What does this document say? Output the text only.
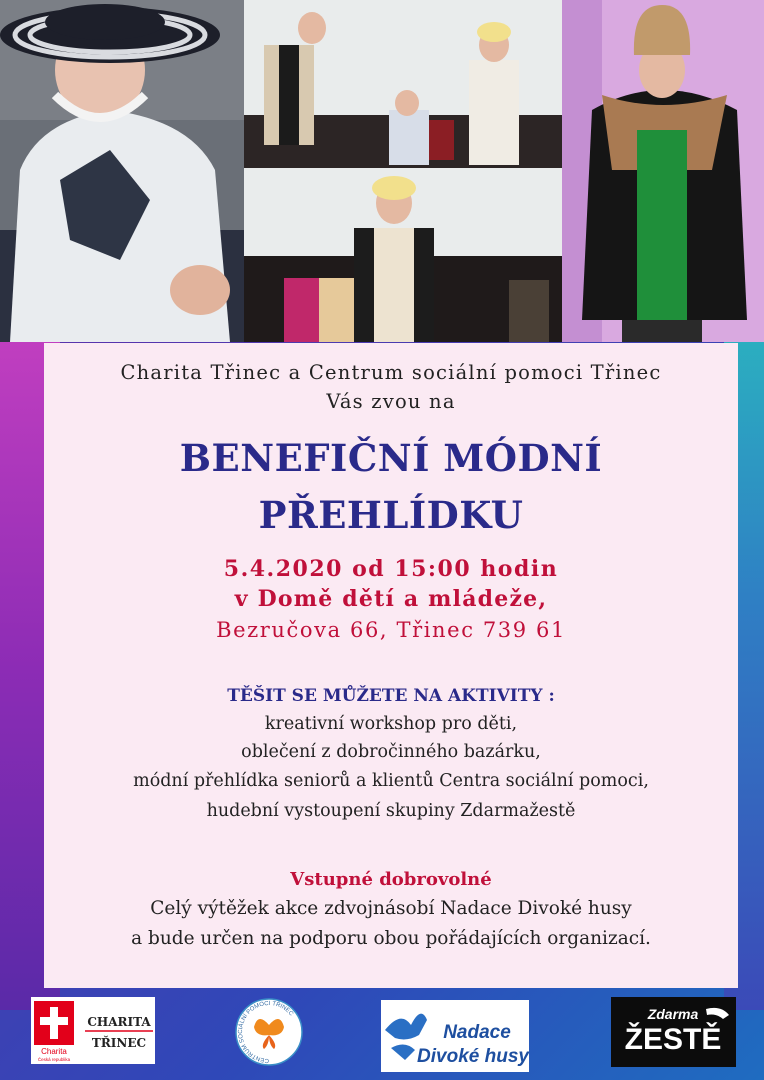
Charita Třinec a Centrum sociální pomoci Třinec
Vás zvou na
BENEFIČNÍ MÓDNÍ
PŘEHLÍDKU
5.4.2020 od 15:00 hodin
v Domě dětí a mládeže,
Bezručova 66, Třinec 739 61
TĚŠIT SE MŮŽETE NA AKTIVITY :
kreativní workshop pro děti,
oblečení z dobročinného bazárku,
módní přehlídka seniorů a klientů Centra sociální pomoci,
hudební vystoupení skupiny Zdarmažestě
Vstupné dobrovolné
Celý výtěžek akce zdvojnásobí Nadace Divoké husy
a bude určen na podporu obou pořádajících organizací.
Charita
Česká republika
CHARITA
TŘINEC
CENTRUM SOCIÁLNÍ POMOCI TŘINEC
Nadace
Divoké husy
Zdarma
ŽESTĚ
